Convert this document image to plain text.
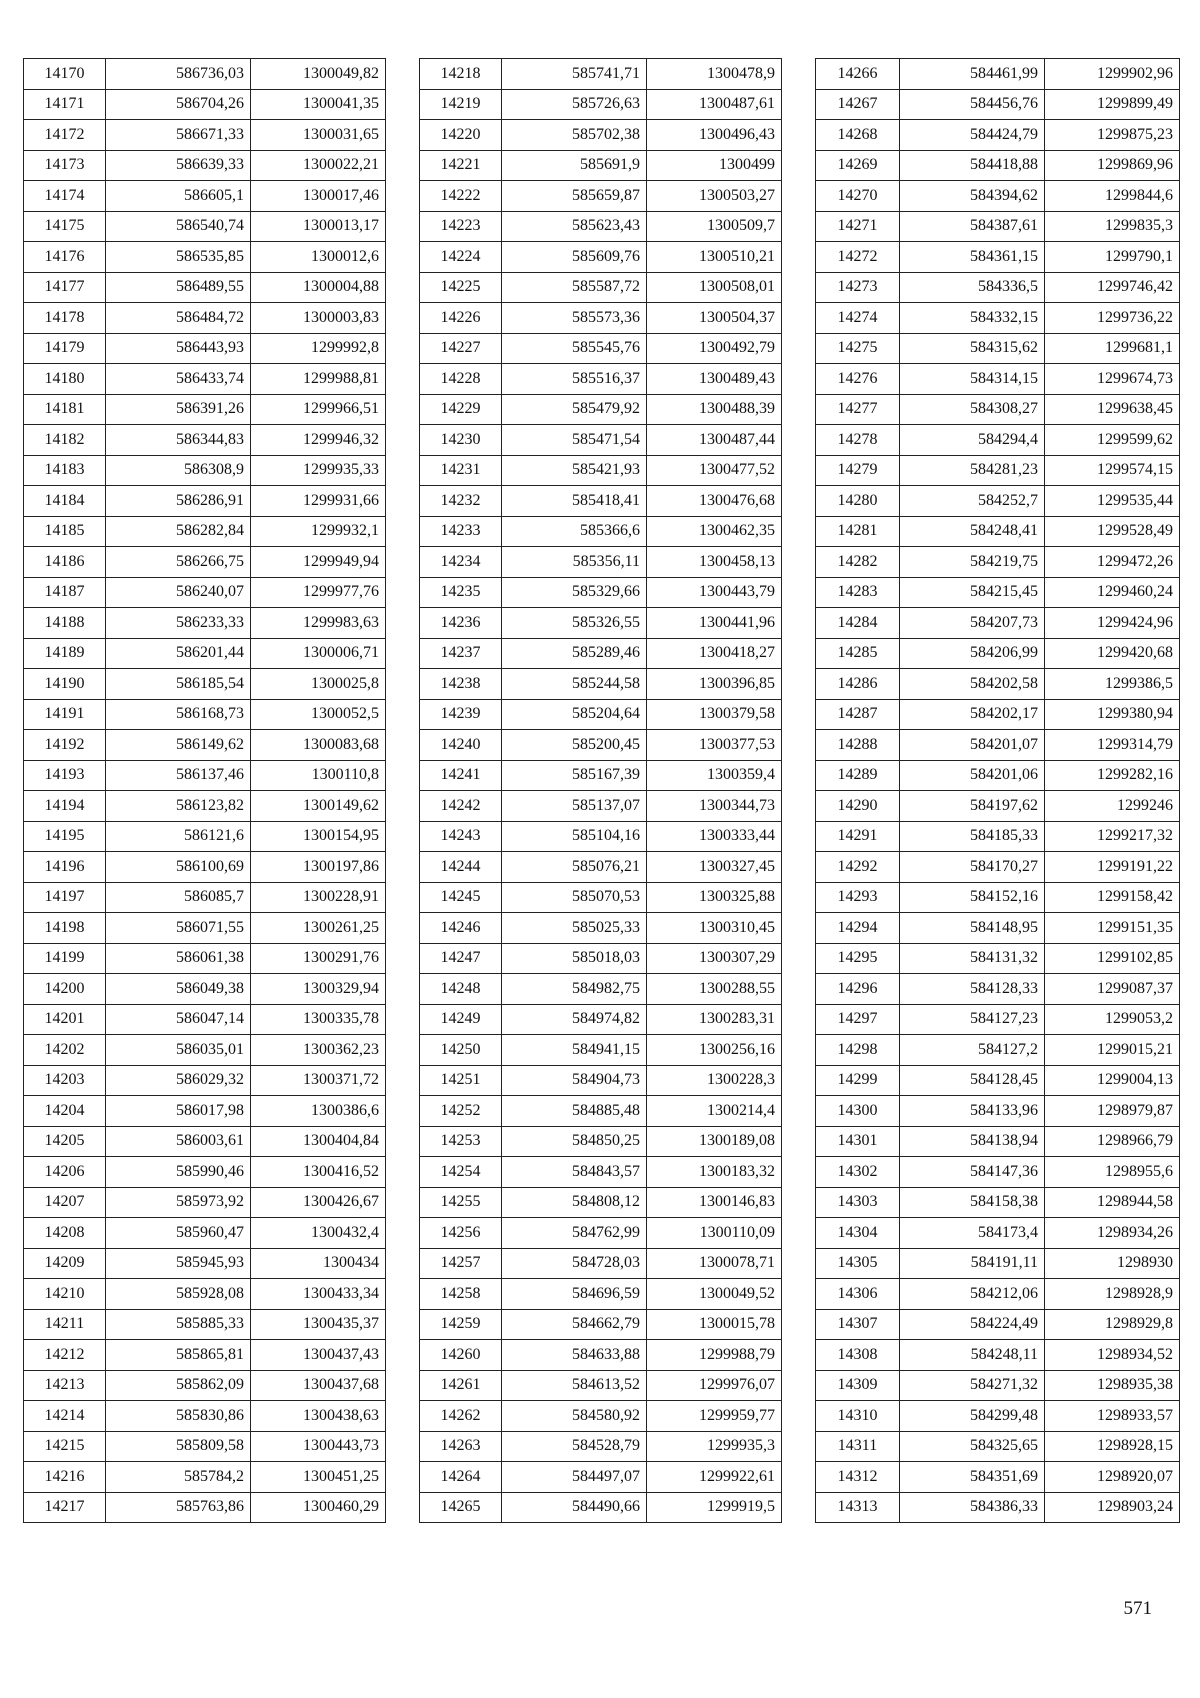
14170	586736,03	1300049,82
14171	586704,26	1300041,35
14172	586671,33	1300031,65
14173	586639,33	1300022,21
14174	586605,1	1300017,46
14175	586540,74	1300013,17
14176	586535,85	1300012,6
14177	586489,55	1300004,88
14178	586484,72	1300003,83
14179	586443,93	1299992,8
14180	586433,74	1299988,81
14181	586391,26	1299966,51
14182	586344,83	1299946,32
14183	586308,9	1299935,33
14184	586286,91	1299931,66
14185	586282,84	1299932,1
14186	586266,75	1299949,94
14187	586240,07	1299977,76
14188	586233,33	1299983,63
14189	586201,44	1300006,71
14190	586185,54	1300025,8
14191	586168,73	1300052,5
14192	586149,62	1300083,68
14193	586137,46	1300110,8
14194	586123,82	1300149,62
14195	586121,6	1300154,95
14196	586100,69	1300197,86
14197	586085,7	1300228,91
14198	586071,55	1300261,25
14199	586061,38	1300291,76
14200	586049,38	1300329,94
14201	586047,14	1300335,78
14202	586035,01	1300362,23
14203	586029,32	1300371,72
14204	586017,98	1300386,6
14205	586003,61	1300404,84
14206	585990,46	1300416,52
14207	585973,92	1300426,67
14208	585960,47	1300432,4
14209	585945,93	1300434
14210	585928,08	1300433,34
14211	585885,33	1300435,37
14212	585865,81	1300437,43
14213	585862,09	1300437,68
14214	585830,86	1300438,63
14215	585809,58	1300443,73
14216	585784,2	1300451,25
14217	585763,86	1300460,29
14218	585741,71	1300478,9
14219	585726,63	1300487,61
14220	585702,38	1300496,43
14221	585691,9	1300499
14222	585659,87	1300503,27
14223	585623,43	1300509,7
14224	585609,76	1300510,21
14225	585587,72	1300508,01
14226	585573,36	1300504,37
14227	585545,76	1300492,79
14228	585516,37	1300489,43
14229	585479,92	1300488,39
14230	585471,54	1300487,44
14231	585421,93	1300477,52
14232	585418,41	1300476,68
14233	585366,6	1300462,35
14234	585356,11	1300458,13
14235	585329,66	1300443,79
14236	585326,55	1300441,96
14237	585289,46	1300418,27
14238	585244,58	1300396,85
14239	585204,64	1300379,58
14240	585200,45	1300377,53
14241	585167,39	1300359,4
14242	585137,07	1300344,73
14243	585104,16	1300333,44
14244	585076,21	1300327,45
14245	585070,53	1300325,88
14246	585025,33	1300310,45
14247	585018,03	1300307,29
14248	584982,75	1300288,55
14249	584974,82	1300283,31
14250	584941,15	1300256,16
14251	584904,73	1300228,3
14252	584885,48	1300214,4
14253	584850,25	1300189,08
14254	584843,57	1300183,32
14255	584808,12	1300146,83
14256	584762,99	1300110,09
14257	584728,03	1300078,71
14258	584696,59	1300049,52
14259	584662,79	1300015,78
14260	584633,88	1299988,79
14261	584613,52	1299976,07
14262	584580,92	1299959,77
14263	584528,79	1299935,3
14264	584497,07	1299922,61
14265	584490,66	1299919,5
14266	584461,99	1299902,96
14267	584456,76	1299899,49
14268	584424,79	1299875,23
14269	584418,88	1299869,96
14270	584394,62	1299844,6
14271	584387,61	1299835,3
14272	584361,15	1299790,1
14273	584336,5	1299746,42
14274	584332,15	1299736,22
14275	584315,62	1299681,1
14276	584314,15	1299674,73
14277	584308,27	1299638,45
14278	584294,4	1299599,62
14279	584281,23	1299574,15
14280	584252,7	1299535,44
14281	584248,41	1299528,49
14282	584219,75	1299472,26
14283	584215,45	1299460,24
14284	584207,73	1299424,96
14285	584206,99	1299420,68
14286	584202,58	1299386,5
14287	584202,17	1299380,94
14288	584201,07	1299314,79
14289	584201,06	1299282,16
14290	584197,62	1299246
14291	584185,33	1299217,32
14292	584170,27	1299191,22
14293	584152,16	1299158,42
14294	584148,95	1299151,35
14295	584131,32	1299102,85
14296	584128,33	1299087,37
14297	584127,23	1299053,2
14298	584127,2	1299015,21
14299	584128,45	1299004,13
14300	584133,96	1298979,87
14301	584138,94	1298966,79
14302	584147,36	1298955,6
14303	584158,38	1298944,58
14304	584173,4	1298934,26
14305	584191,11	1298930
14306	584212,06	1298928,9
14307	584224,49	1298929,8
14308	584248,11	1298934,52
14309	584271,32	1298935,38
14310	584299,48	1298933,57
14311	584325,65	1298928,15
14312	584351,69	1298920,07
14313	584386,33	1298903,24
571
